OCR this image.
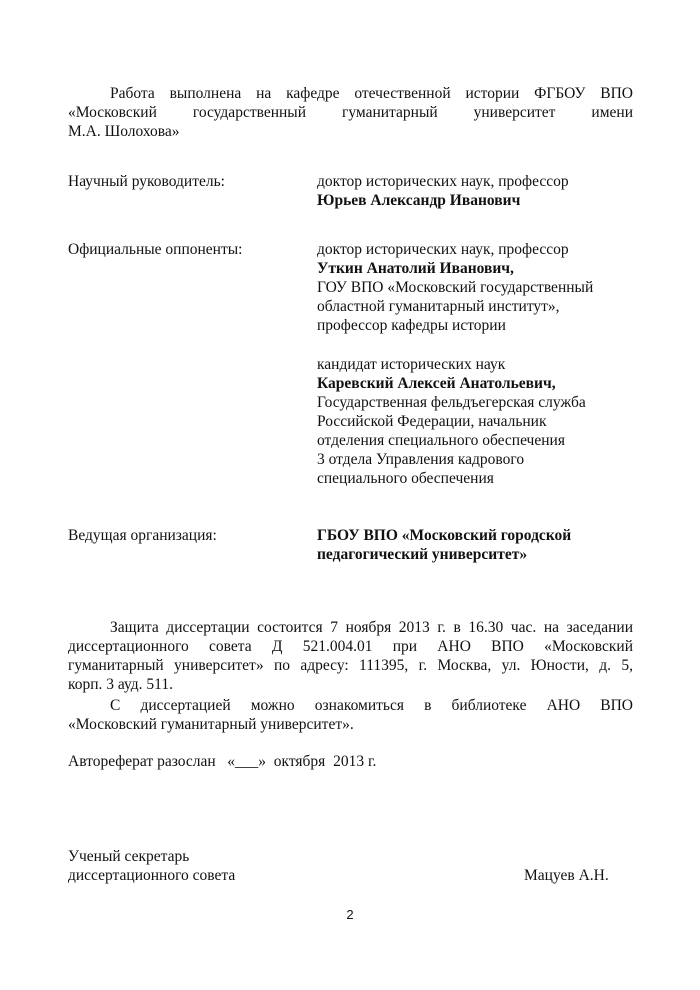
Работа выполнена на кафедре отечественной истории ФГБОУ ВПО
«Московский государственный гуманитарный университет имени
М.А. Шолохова»
Научный руководитель:	доктор исторических наук, профессор
Юрьев Александр Иванович
Официальные оппоненты:	доктор исторических наук, профессор
Уткин Анатолий Иванович,
ГОУ ВПО «Московский государственный
областной гуманитарный институт»,
профессор кафедры истории
кандидат исторических наук
Каревский Алексей Анатольевич,
Государственная фельдъегерская служба
Российской Федерации, начальник
отделения специального обеспечения
3 отдела Управления кадрового
специального обеспечения
Ведущая организация:	ГБОУ ВПО «Московский городской
педагогический университет»
Защита диссертации состоится 7 ноября 2013 г. в 16.30 час. на заседании
диссертационного совета Д 521.004.01 при АНО ВПО «Московский
гуманитарный университет» по адресу: 111395, г. Москва, ул. Юности, д. 5,
корп. 3 ауд. 511.
С диссертацией можно ознакомиться в библиотеке АНО ВПО
«Московский гуманитарный университет».
Автореферат разослан   «___»  октября  2013 г.
Ученый секретарь
диссертационного совета	Мацуев А.Н.
2
